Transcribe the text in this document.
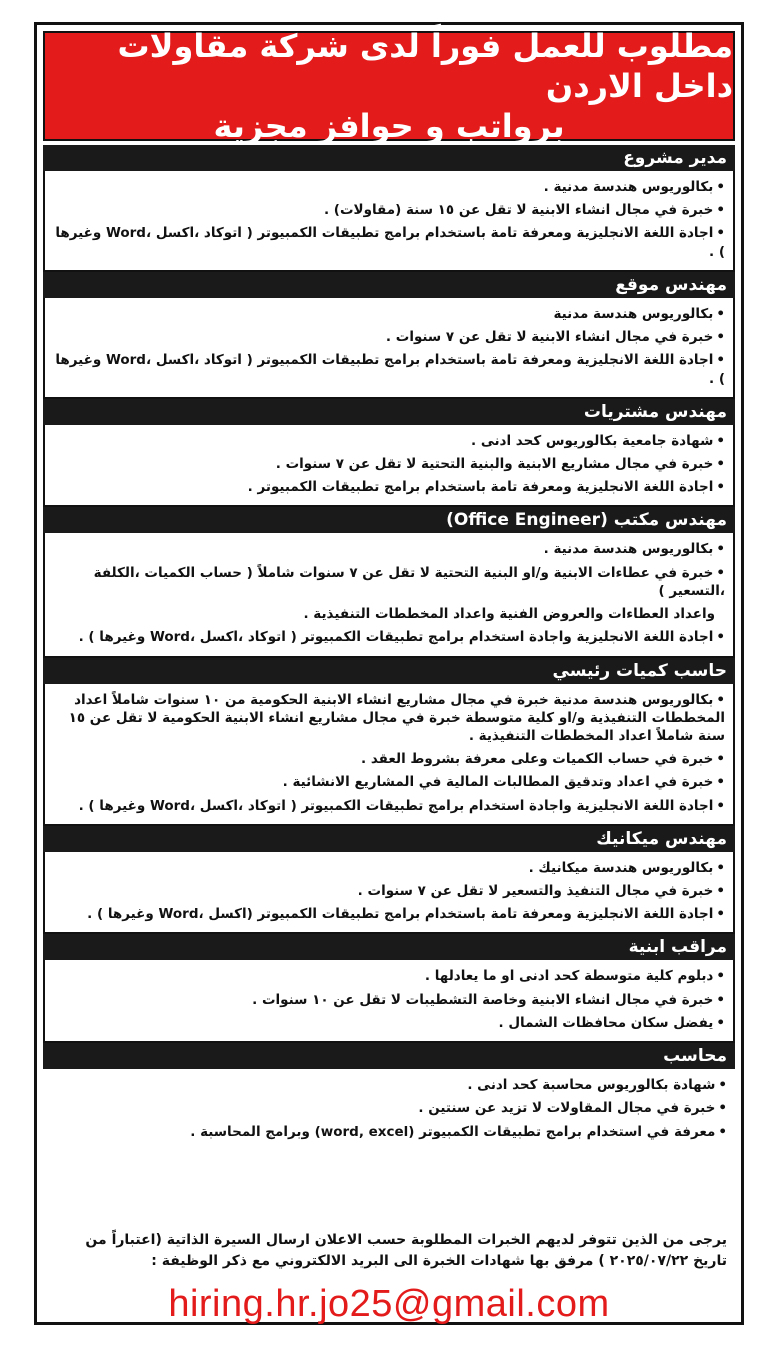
مطلوب للعمل فوراً لدى شركة مقاولات داخل الاردن
برواتب و حوافز مجزية
مدير مشروع
• بكالوريوس هندسة مدنية .
• خبرة في مجال انشاء الابنية لا تقل عن ١٥ سنة (مقاولات) .
• اجادة اللغة الانجليزية ومعرفة تامة باستخدام برامج تطبيقات الكمبيوتر ( اتوكاد ،اكسل ،Word وغيرها ) .
مهندس موقع
• بكالوريوس هندسة مدنية
• خبرة في مجال انشاء الابنية لا تقل عن ٧ سنوات .
• اجادة اللغة الانجليزية ومعرفة تامة باستخدام برامج تطبيقات الكمبيوتر ( اتوكاد ،اكسل ،Word وغيرها ) .
مهندس مشتريات
• شهادة جامعية بكالوريوس كحد ادنى .
• خبرة في مجال مشاريع الابنية والبنية التحتية لا تقل عن ٧ سنوات .
• اجادة اللغة الانجليزية ومعرفة تامة باستخدام برامج تطبيقات الكمبيوتر .
مهندس مكتب (Office Engineer)
• بكالوريوس هندسة مدنية .
• خبرة في عطاءات الابنية و/او البنية التحتية لا تقل عن ٧ سنوات شاملاً ( حساب الكميات ،الكلفة ،التسعير )
واعداد العطاءات والعروض الفنية واعداد المخططات التنفيذية .
• اجادة اللغة الانجليزية واجادة استخدام برامج تطبيقات الكمبيوتر ( اتوكاد ،اكسل ،Word وغيرها ) .
حاسب كميات رئيسي
• بكالوريوس هندسة مدنية خبرة في مجال مشاريع انشاء الابنية الحكومية من ١٠ سنوات شاملاً اعداد المخططات التنفيذية و/او كلية متوسطة خبرة في مجال مشاريع انشاء الابنية الحكومية لا تقل عن ١٥ سنة شاملاً اعداد المخططات التنفيذية .
• خبرة في حساب الكميات وعلى معرفة بشروط العقد .
• خبرة في اعداد وتدقيق المطالبات المالية في المشاريع الانشائية .
• اجادة اللغة الانجليزية واجادة استخدام برامج تطبيقات الكمبيوتر ( اتوكاد ،اكسل ،Word وغيرها ) .
مهندس ميكانيك
• بكالوريوس هندسة ميكانيك .
• خبرة في مجال التنفيذ والتسعير لا تقل عن ٧ سنوات .
• اجادة اللغة الانجليزية ومعرفة تامة باستخدام برامج تطبيقات الكمبيوتر (اكسل ،Word وغيرها ) .
مراقب ابنية
• دبلوم كلية متوسطة كحد ادنى او ما يعادلها .
• خبرة في مجال انشاء الابنية وخاصة التشطيبات لا تقل عن ١٠ سنوات .
• يفضل سكان محافظات الشمال .
محاسب
• شهادة بكالوريوس محاسبة كحد ادنى .
• خبرة في مجال المقاولات لا تزيد عن سنتين .
• معرفة في استخدام برامج تطبيقات الكمبيوتر (word, excel) وبرامج المحاسبة .
يرجى من الذين تتوفر لديهم الخبرات المطلوبة حسب الاعلان ارسال السيرة الذاتية (اعتباراً من تاريخ ٢٠٢٥/٠٧/٢٢ ) مرفق بها شهادات الخبرة الى البريد الالكتروني مع ذكر الوظيفة :
hiring.hr.jo25@gmail.com
